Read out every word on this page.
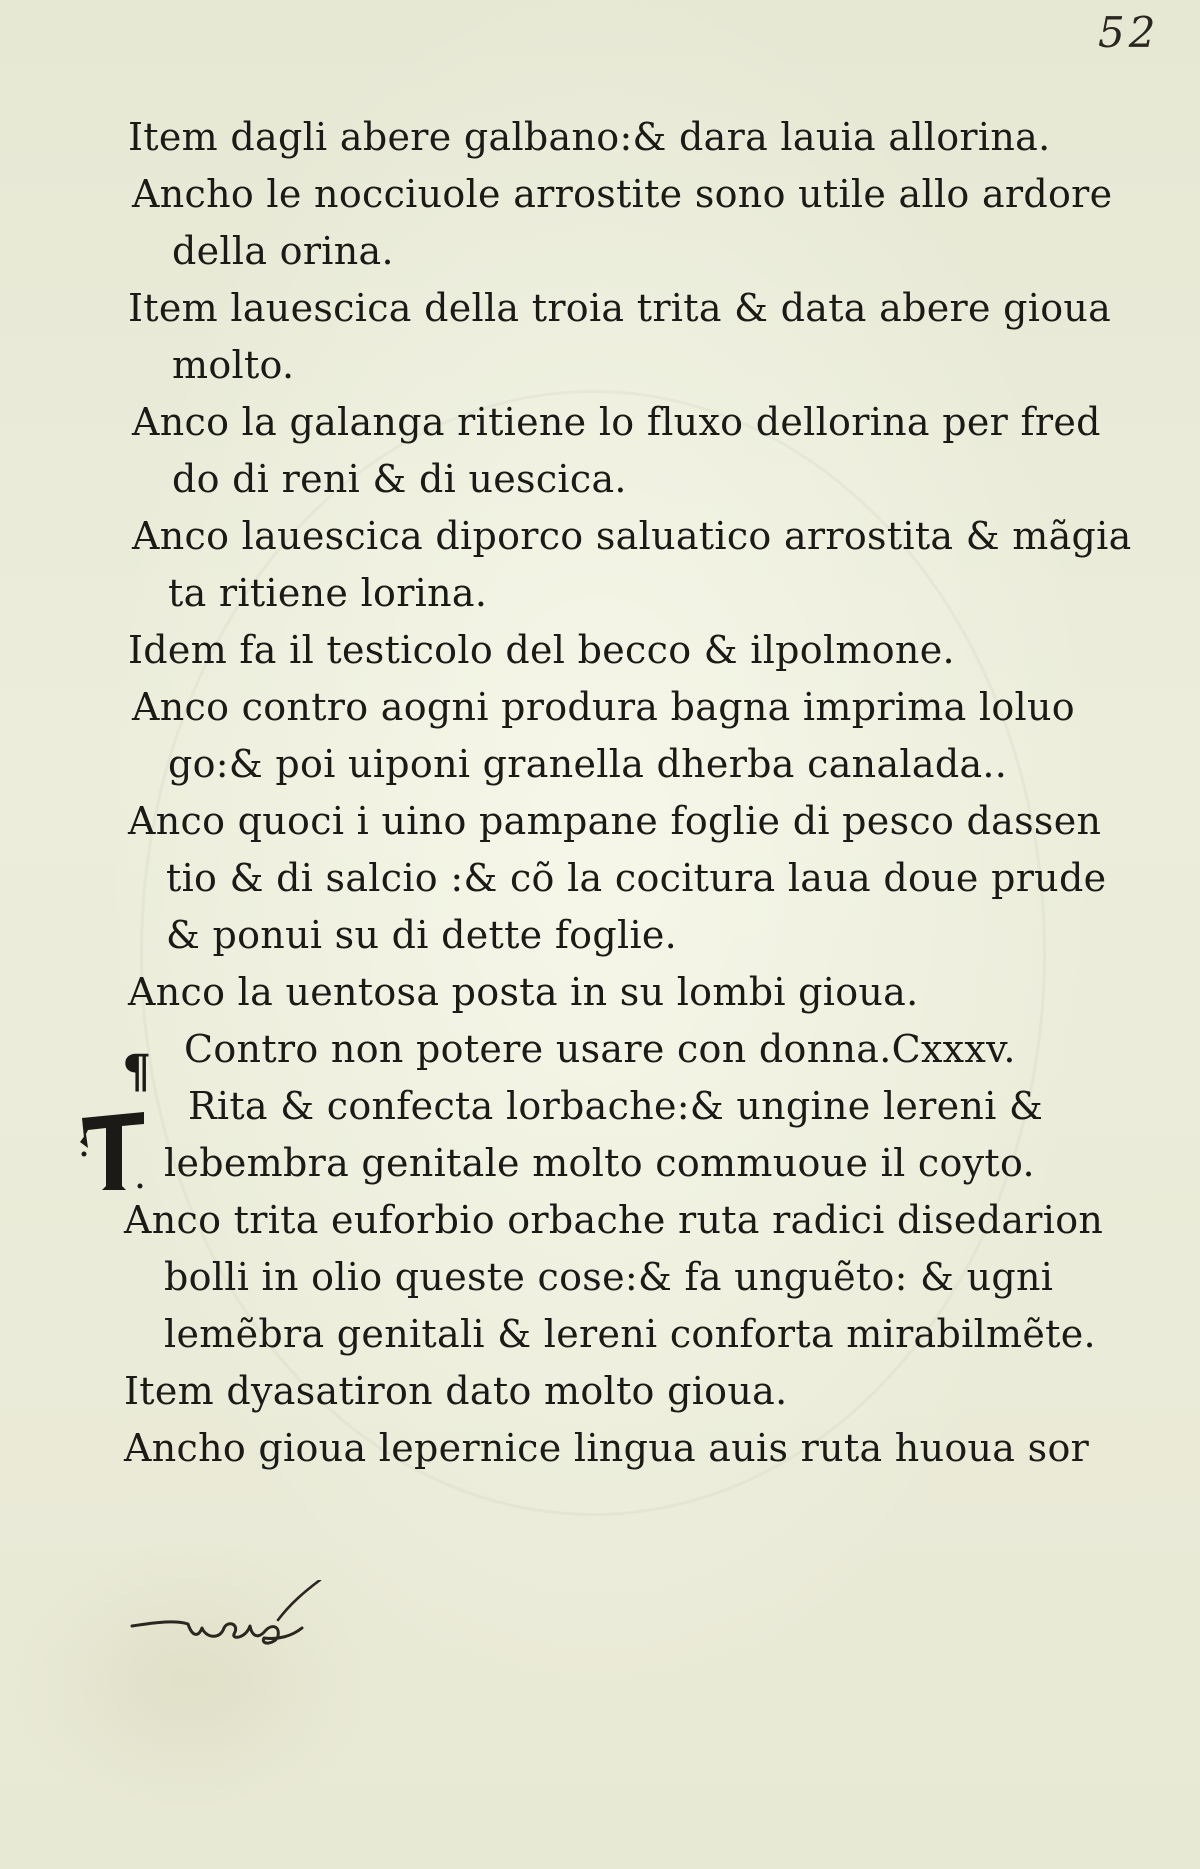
52
Item dagli abere galbano:& dara lauia allorina.
Ancho le nocciuole arrostite sono utile allo ardore
della orina.
Item lauescica della troia trita & data abere gioua
molto.
Anco la galanga ritiene lo fluxo dellorina per fred
do di reni & di uescica.
Anco lauescica diporco saluatico arrostita & mãgia
ta ritiene lorina.
Idem fa il testicolo del becco & ilpolmone.
Anco contro aogni produra bagna imprima loluo
go:& poi uiponi granella dherba canalada..
Anco quoci i uino pampane foglie di pesco dassen
tio & di salcio :& cõ la cocitura laua doue prude
& ponui su di dette foglie.
Anco la uentosa posta in su lombi gioua.
Contro non potere usare con donna.Cxxxv.
Rita & confecta lorbache:& ungine lereni &
lebembra genitale molto commuoue il coyto.
Anco trita euforbio orbache ruta radici disedarion
bolli in olio queste cose:& fa unguẽto: & ugni
lemẽbra genitali & lereni conforta mirabilmẽte.
Item dyasatiron dato molto gioua.
Ancho gioua lepernice lingua auis ruta huoua sor
¶
